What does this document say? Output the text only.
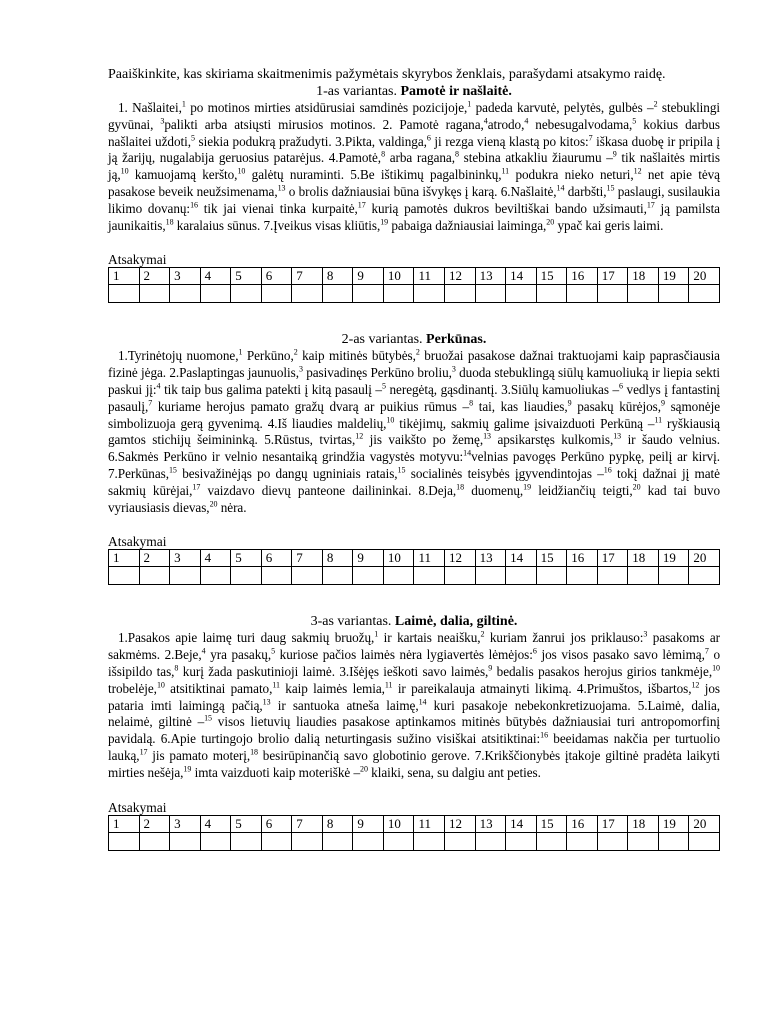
Paaiškinkite, kas skiriama skaitmenimis pažymėtais skyrybos ženklais, parašydami atsakymo raidę.

1-as variantas. Pamotė ir našlaitė.

1. Našlaitei,$^1$ po motinos mirties atsidūrusiai samdinės pozicijoje,$^1$ padeda karvutė, pelytės, gulbės –$^2$ stebuklingi gyvūnai, $^3$palikti arba atsiųsti mirusios motinos. 2. Pamotė ragana,$^4$atrodo,$^4$ nebesugalvodama,$^5$ kokius darbus našlaitei uždoti,$^5$ siekia podukrą pražudyti. 3.Pikta, valdinga,$^6$ ji rezga vieną klastą po kitos:$^7$ iškasa duobę ir pripila į ją žarijų, nugalabija geruosius patarėjus. 4.Pamotė,$^8$ arba ragana,$^8$ stebina atkakliu žiaurumu –$^9$ tik našlaitės mirtis ją,$^{10}$ kamuojamą keršto,$^{10}$ galėtų nuraminti. 5.Be ištikimų pagalbininkų,$^{11}$ podukra nieko neturi,$^{12}$ net apie tėvą pasakose beveik neužsimenama,$^{13}$ o brolis dažniausiai būna išvykęs į karą. 6.Našlaitė,$^{14}$ darbšti,$^{15}$ paslaugi, susilaukia likimo dovanų:$^{16}$ tik jai vienai tinka kurpaitė,$^{17}$ kurią pamotės dukros beviltiškai bando užsimauti,$^{17}$ ją pamilsta jaunikaitis,$^{18}$ karalaius sūnus. 7.Įveikus visas kliūtis,$^{19}$ pabaiga dažniausiai laiminga,$^{20}$ ypač kai geris laimi.

Atsakymai

1	2	3	4	5	6	7	8	9	10	11	12	13	14	15	16	17	18	19	20

2-as variantas. Perkūnas.

1.Tyrinėtojų nuomone,$^1$ Perkūno,$^2$ kaip mitinės būtybės,$^2$ bruožai pasakose dažnai traktuojami kaip paprasčiausia fizinė jėga. 2.Paslaptingas jaunuolis,$^3$ pasivadinęs Perkūno broliu,$^3$ duoda stebuklingą siūlų kamuoliuką ir liepia sekti paskui jį:$^4$ tik taip bus galima patekti į kitą pasaulį –$^5$ neregėtą, gąsdinantį. 3.Siūlų kamuoliukas –$^6$ vedlys į fantastinį pasaulį,$^7$ kuriame herojus pamato gražų dvarą ar puikius rūmus –$^8$ tai, kas liaudies,$^9$ pasakų kūrėjos,$^9$ sąmonėje simbolizuoja gerą gyvenimą. 4.Iš liaudies maldelių,$^{10}$ tikėjimų, sakmių galime įsivaizduoti Perkūną –$^{11}$ ryškiausią gamtos stichijų šeimininką. 5.Rūstus, tvirtas,$^{12}$ jis vaikšto po žemę,$^{13}$ apsikarstęs kulkomis,$^{13}$ ir šaudo velnius. 6.Sakmės Perkūno ir velnio nesantaiką grindžia vagystės motyvu:$^{14}$velnias pavogęs Perkūno pypkę, peilį ar kirvį. 7.Perkūnas,$^{15}$ besivažinėjąs po dangų ugniniais ratais,$^{15}$ socialinės teisybės įgyvendintojas –$^{16}$ tokį dažnai jį matė sakmių kūrėjai,$^{17}$ vaizdavo dievų panteone dailininkai. 8.Deja,$^{18}$ duomenų,$^{19}$ leidžiančių teigti,$^{20}$ kad tai buvo vyriausiasis dievas,$^{20}$ nėra.

Atsakymai

1	2	3	4	5	6	7	8	9	10	11	12	13	14	15	16	17	18	19	20

3-as variantas. Laimė, dalia, giltinė.

1.Pasakos apie laimę turi daug sakmių bruožų,$^1$ ir kartais neaišku,$^2$ kuriam žanrui jos priklauso:$^3$ pasakoms ar sakmėms. 2.Beje,$^4$ yra pasakų,$^5$ kuriose pačios laimės nėra lygiavertės lėmėjos:$^6$ jos visos pasako savo lėmimą,$^7$ o išsipildo tas,$^8$ kurį žada paskutinioji laimė. 3.Išėjęs ieškoti savo laimės,$^9$ bedalis pasakos herojus girios tankmėje,$^{10}$ trobelėje,$^{10}$ atsitiktinai pamato,$^{11}$ kaip laimės lemia,$^{11}$ ir pareikalauja atmainyti likimą. 4.Primuštos, išbartos,$^{12}$ jos pataria imti laimingą pačią,$^{13}$ ir santuoka atneša laimę,$^{14}$ kuri pasakoje nebekonkretizuojama. 5.Laimė, dalia, nelaimė, giltinė –$^{15}$ visos lietuvių liaudies pasakose aptinkamos mitinės būtybės dažniausiai turi antropomorfinį pavidalą. 6.Apie turtingojo brolio dalią neturtingasis sužino visiškai atsitiktinai:$^{16}$ beeidamas nakčia per turtuolio lauką,$^{17}$ jis pamato moterį,$^{18}$ besirūpinančią savo globotinio gerove. 7.Krikščionybės įtakoje giltinė pradėta laikyti mirties nešėja,$^{19}$ imta vaizduoti kaip moteriškė –$^{20}$ klaiki, sena, su dalgiu ant peties.

Atsakymai

1	2	3	4	5	6	7	8	9	10	11	12	13	14	15	16	17	18	19	20
